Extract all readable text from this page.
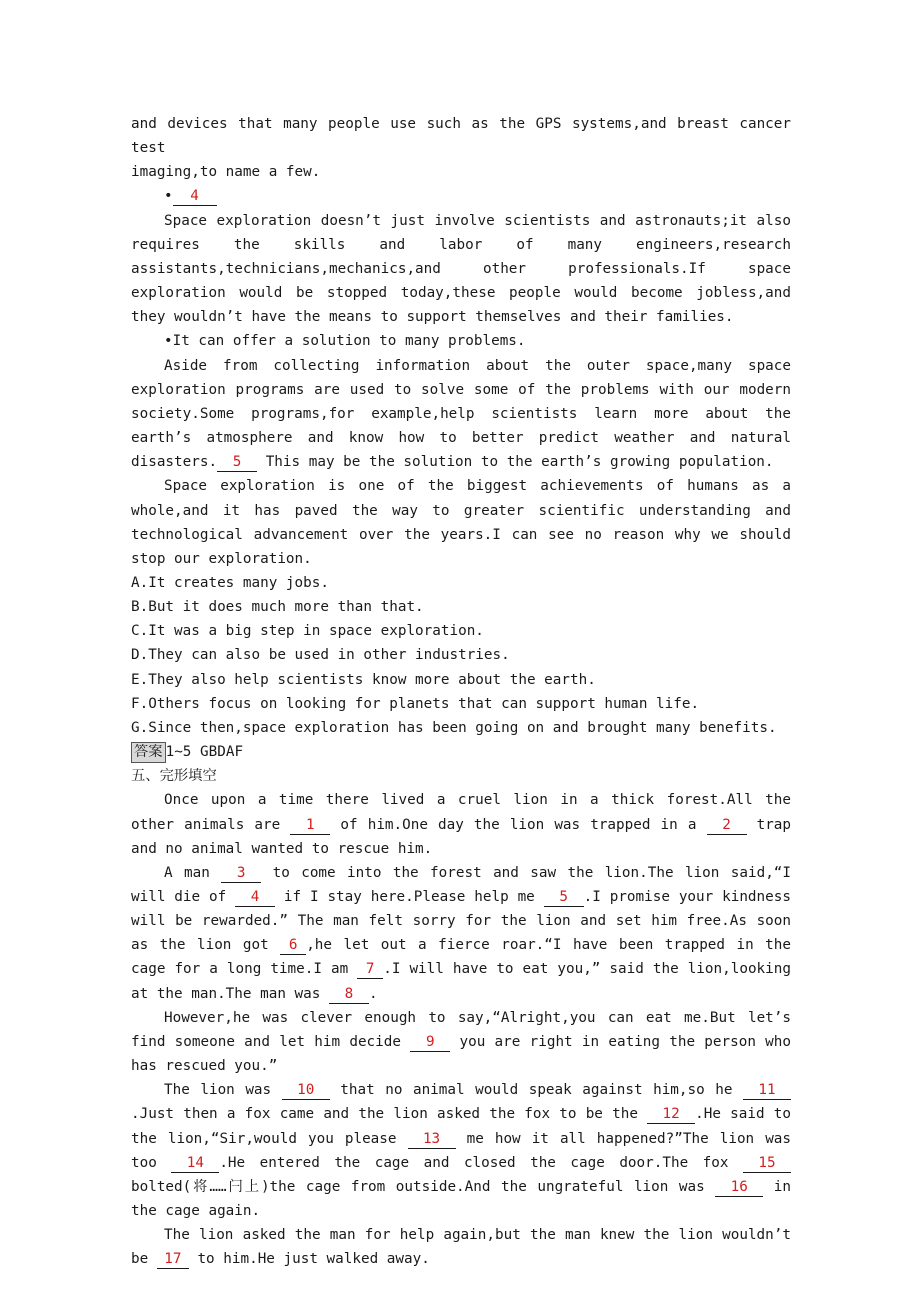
and devices that many people use such as the GPS systems,and breast cancer test

imaging,to name a few.

• 4

Space exploration doesn’t just involve scientists and astronauts;it also requires the skills and labor of many engineers,research assistants,technicians,mechanics,and other professionals.If space exploration would be stopped today,these people would become jobless,and they wouldn’t have the means to support themselves and their families.

•It can offer a solution to many problems.

Aside from collecting information about the outer space,many space exploration programs are used to solve some of the problems with our modern society.Some programs,for example,help scientists learn more about the earth’s atmosphere and know how to better predict weather and natural disasters. 5 This may be the solution to the earth’s growing population.

Space exploration is one of the biggest achievements of humans as a whole,and it has paved the way to greater scientific understanding and technological advancement over the years.I can see no reason why we should stop our exploration.

A.It creates many jobs.

B.But it does much more than that.

C.It was a big step in space exploration.

D.They can also be used in other industries.

E.They also help scientists know more about the earth.

F.Others focus on looking for planets that can support human life.

G.Since then,space exploration has been going on and brought many benefits.

答案 1~5 GBDAF

五、完形填空

Once upon a time there lived a cruel lion in a thick forest.All the other animals are 1 of him.One day the lion was trapped in a 2 trap and no animal wanted to rescue him.

A man 3 to come into the forest and saw the lion.The lion said,“I will die of 4 if I stay here.Please help me 5 .I promise your kindness will be rewarded.” The man felt sorry for the lion and set him free.As soon as the lion got 6 ,he let out a fierce roar.“I have been trapped in the cage for a long time.I am 7 .I will have to eat you,” said the lion,looking at the man.The man was 8 .

However,he was clever enough to say,“Alright,you can eat me.But let’s find someone and let him decide 9 you are right in eating the person who has rescued you.”

The lion was 10 that no animal would speak against him,so he 11.Just then a fox came and the lion asked the fox to be the 12 .He said to the lion,“Sir,would you please 13 me how it all happened?”The lion was too 14 .He entered the cage and closed the cage door.The fox 15 bolted(将……闩上)the cage from outside.And the ungrateful lion was 16 in the cage again.

The lion asked the man for help again,but the man knew the lion wouldn’t be 17 to him.He just walked away.
